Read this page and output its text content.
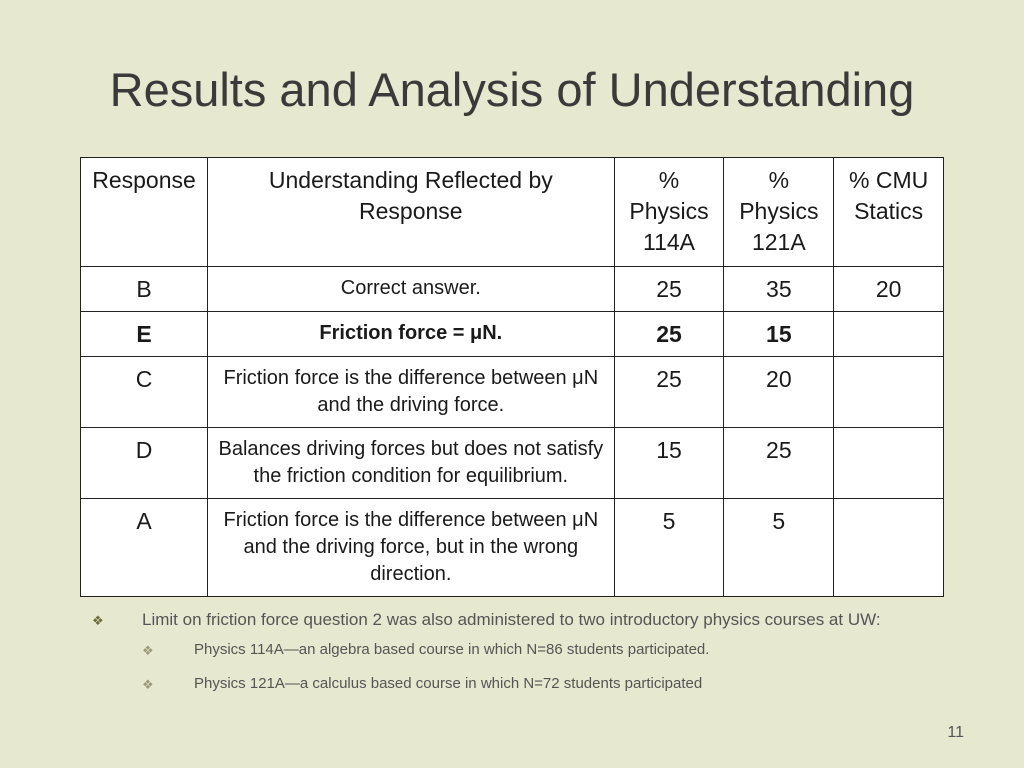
Results and Analysis of Understanding
Response	Understanding Reflected by Response	% Physics 114A	% Physics 121A	% CMU Statics
B	Correct answer.	25	35	20
E	Friction force = μN.	25	15	
C	Friction force is the difference between μN and the driving force.	25	20	
D	Balances driving forces but does not satisfy the friction condition for equilibrium.	15	25	
A	Friction force is the difference between μN and the driving force, but in the wrong direction.	5	5	
❖ Limit on friction force question 2 was also administered to two introductory physics courses at UW:
❖	Physics 114A—an algebra based course in which N=86 students participated.
❖	Physics 121A—a calculus based course in which N=72 students participated
11
